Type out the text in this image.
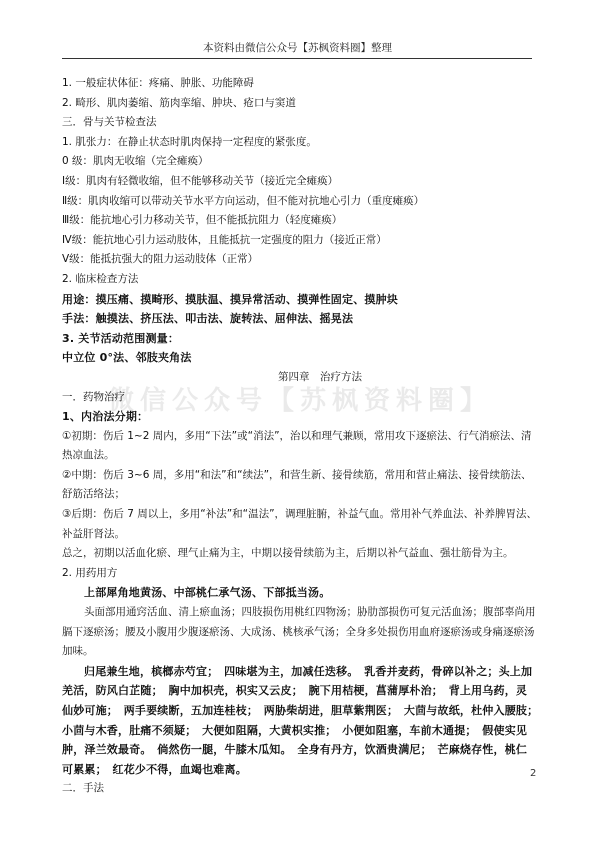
本资料由微信公众号【苏枫资料圈】整理
微信公众号【苏枫资料圈】
1. 一般症状体征：疼痛、肿胀、功能障碍
2. 畸形、肌肉萎缩、筋肉挛缩、肿块、疮口与窦道
三．骨与关节检查法
1. 肌张力：在静止状态时肌肉保持一定程度的紧张度。
0 级：肌肉无收缩（完全瘫痪）
Ⅰ级：肌肉有轻微收缩，但不能够移动关节（接近完全瘫痪）
Ⅱ级：肌肉收缩可以带动关节水平方向运动，但不能对抗地心引力（重度瘫痪）
Ⅲ级：能抗地心引力移动关节，但不能抵抗阻力（轻度瘫痪）
Ⅳ级：能抗地心引力运动肢体，且能抵抗一定强度的阻力（接近正常）
Ⅴ级：能抵抗强大的阻力运动肢体（正常）
2. 临床检查方法
用途：摸压痛、摸畸形、摸肤温、摸异常活动、摸弹性固定、摸肿块
手法：触摸法、挤压法、叩击法、旋转法、屈伸法、摇晃法
3. 关节活动范围测量：
中立位 0°法、邻肢夹角法
第四章　治疗方法
一．药物治疗
1、内治法分期：
①初期：伤后 1~2 周内，多用“下法”或“消法”，治以和理气兼顾，常用攻下逐瘀法、行气消瘀法、清热凉血法。
②中期：伤后 3~6 周，多用“和法”和“续法”，和营生新、接骨续筋，常用和营止痛法、接骨续筋法、舒筋活络法；
③后期：伤后 7 周以上，多用“补法”和“温法”，调理脏腑，补益气血。常用补气养血法、补养脾胃法、补益肝肾法。
总之，初期以活血化瘀、理气止痛为主，中期以接骨续筋为主，后期以补气益血、强壮筋骨为主。
2. 用药用方
上部犀角地黄汤、中部桃仁承气汤、下部抵当汤。
头面部用通窍活血、清上瘀血汤；四肢损伤用桃红四物汤；胁肋部损伤可复元活血汤；腹部辜尚用膈下逐瘀汤；腰及小腹用少腹逐瘀汤、大成汤、桃核承气汤；全身多处损伤用血府逐瘀汤或身痛逐瘀汤加味。
归尾兼生地，槟榔赤芍宜；　四味堪为主，加减任迭移。　乳香并麦药，骨碎以补之；头上加羌活，防风白芷随；　胸中加枳壳，枳实又云皮；　腕下用桔梗，菖蒲厚朴治；　背上用乌药，灵仙妙可施；　两手要续断，五加连桂枝；　两胁柴胡进，胆草紫荆医；　大茴与故纸，杜仲入腰肢；　小茴与木香，肚痛不须疑；　大便如阻隔，大黄枳实推；　小便如阻塞，车前木通提；　假使实见肿，泽兰效最奇。　倘然伤一腿，牛膝木瓜知。　全身有丹方，饮酒贵满尼；　芒麻烧存性，桃仁可累累；　红花少不得，血竭也难离。
二．手法
2
